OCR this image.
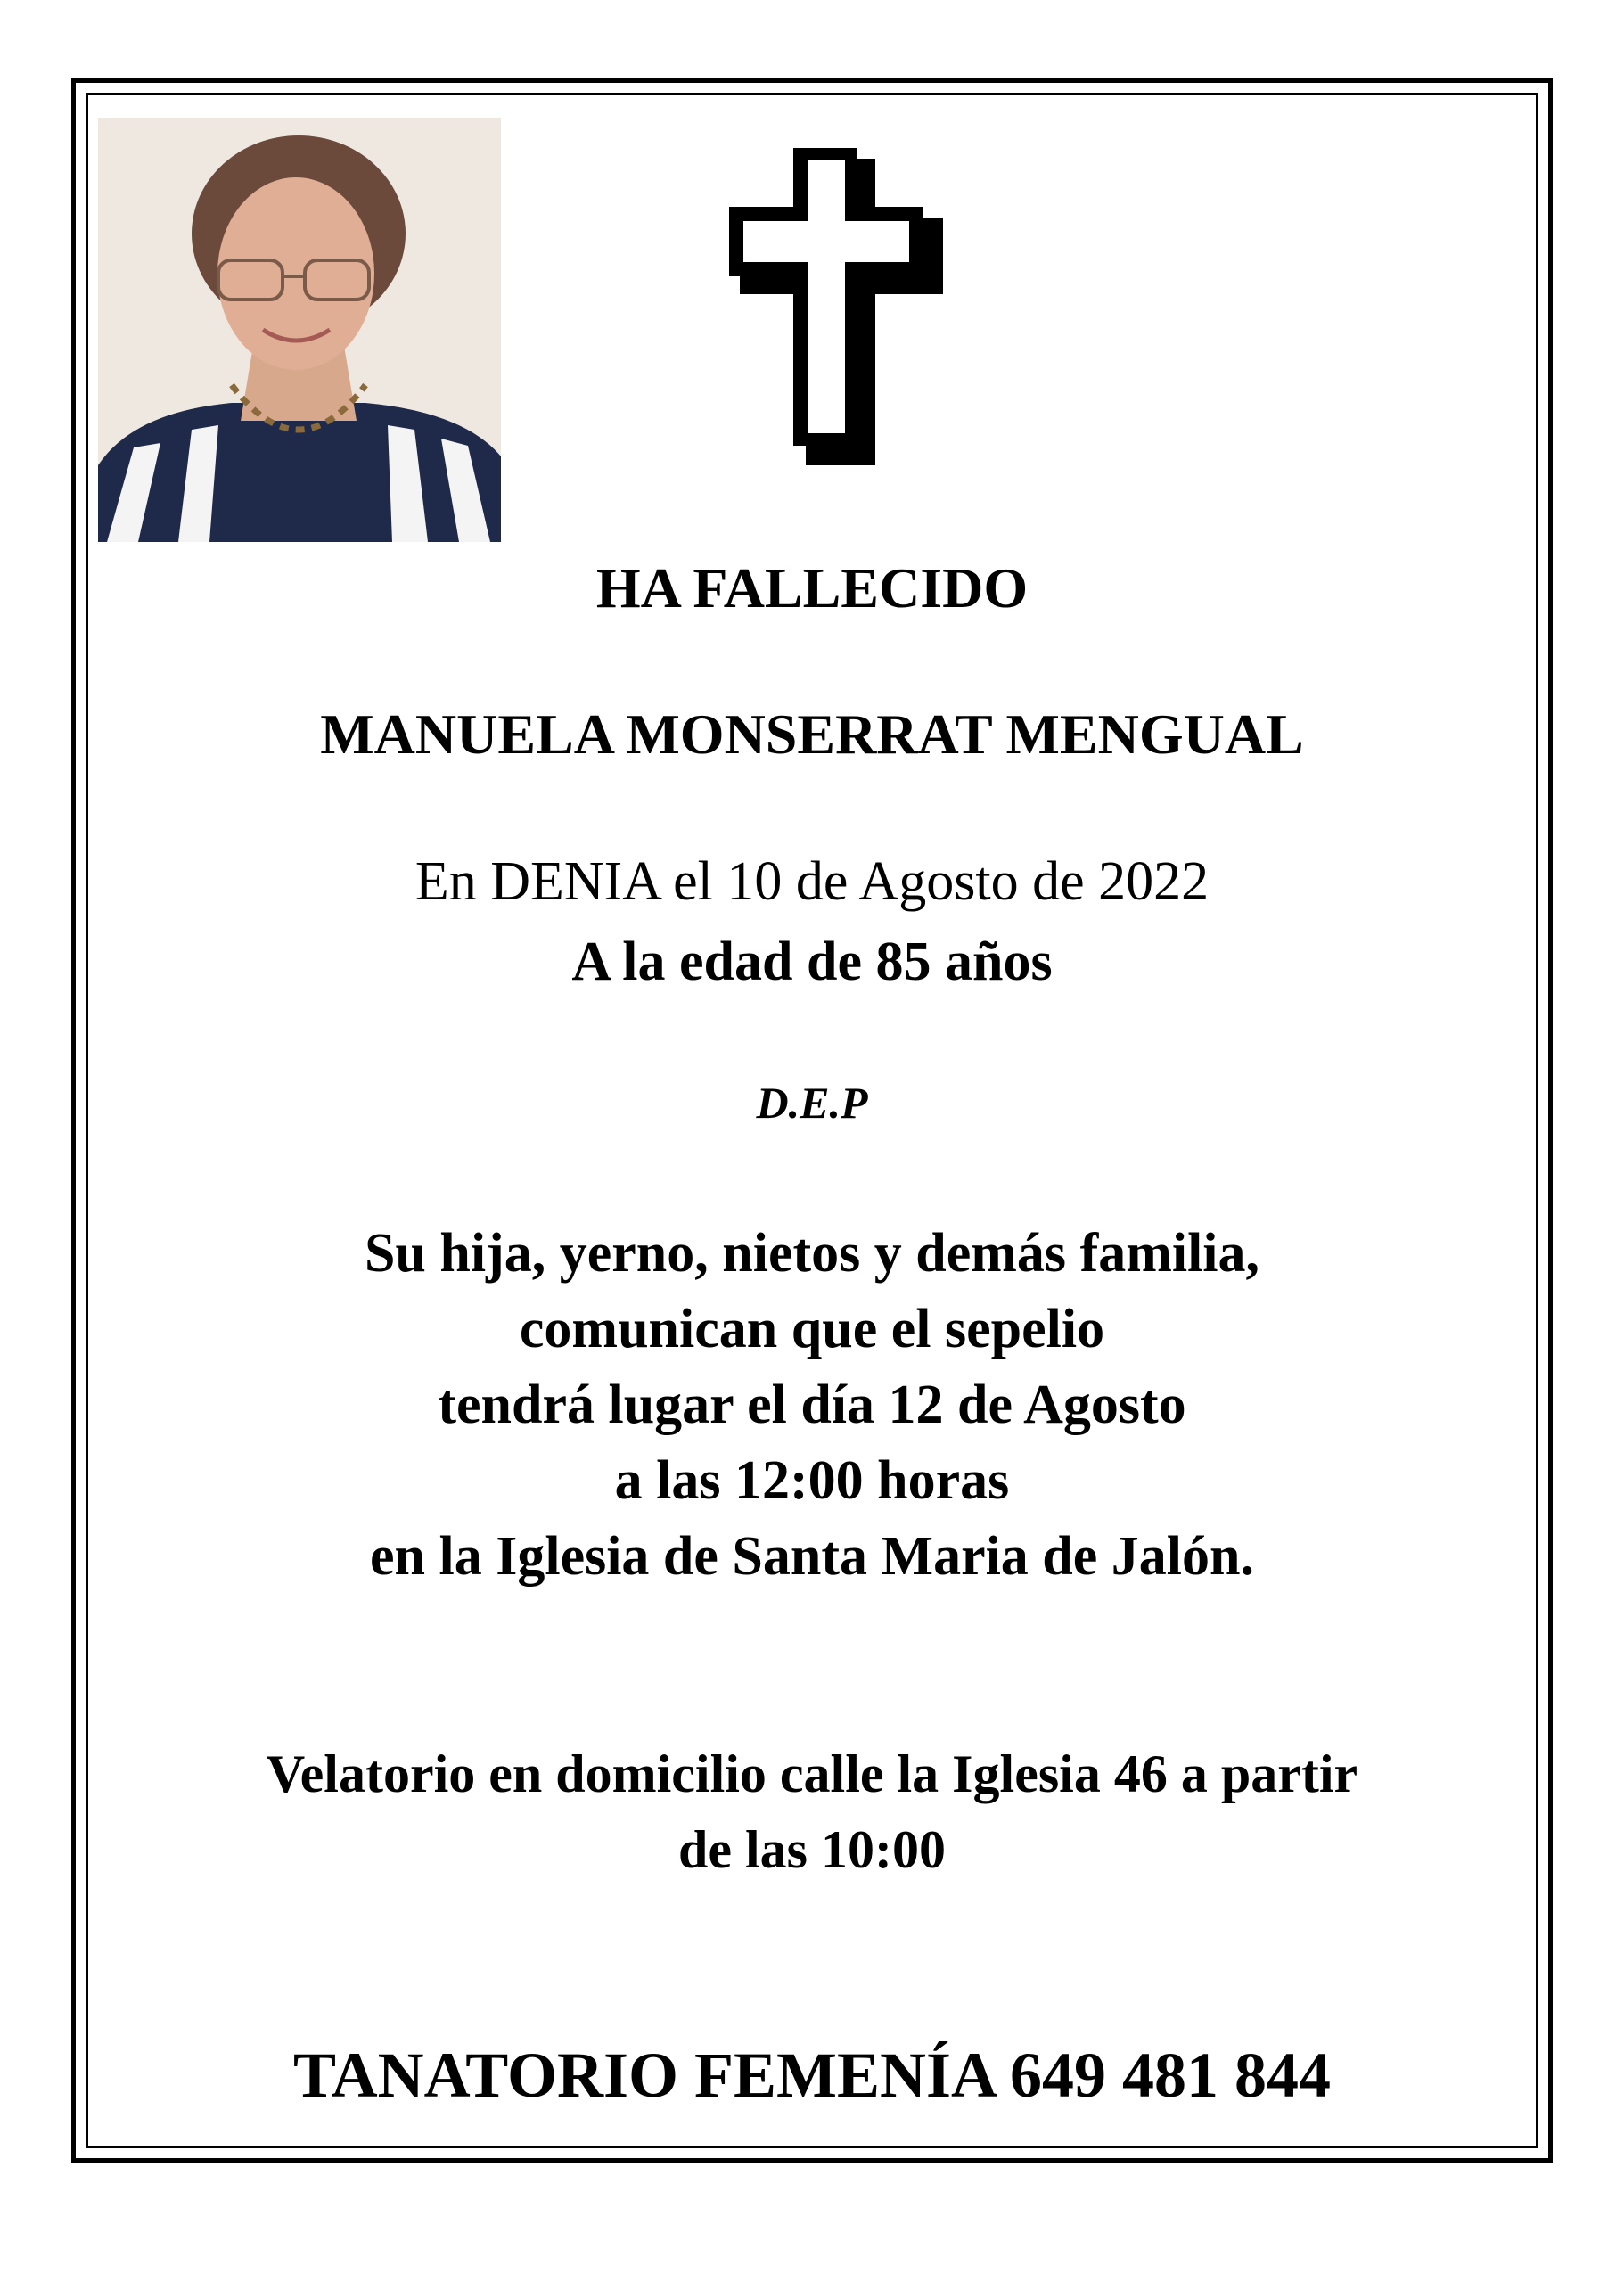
HA FALLECIDO
MANUELA MONSERRAT MENGUAL
En DENIA el 10 de Agosto de 2022
A la edad de 85 años
D.E.P
Su hija, yerno, nietos y demás familia,
comunican que el sepelio
tendrá lugar el día 12 de Agosto
a las 12:00 horas
en la Iglesia de Santa Maria de Jalón.
Velatorio en domicilio calle la Iglesia 46 a partir
de las 10:00
TANATORIO FEMENÍA 649 481 844
